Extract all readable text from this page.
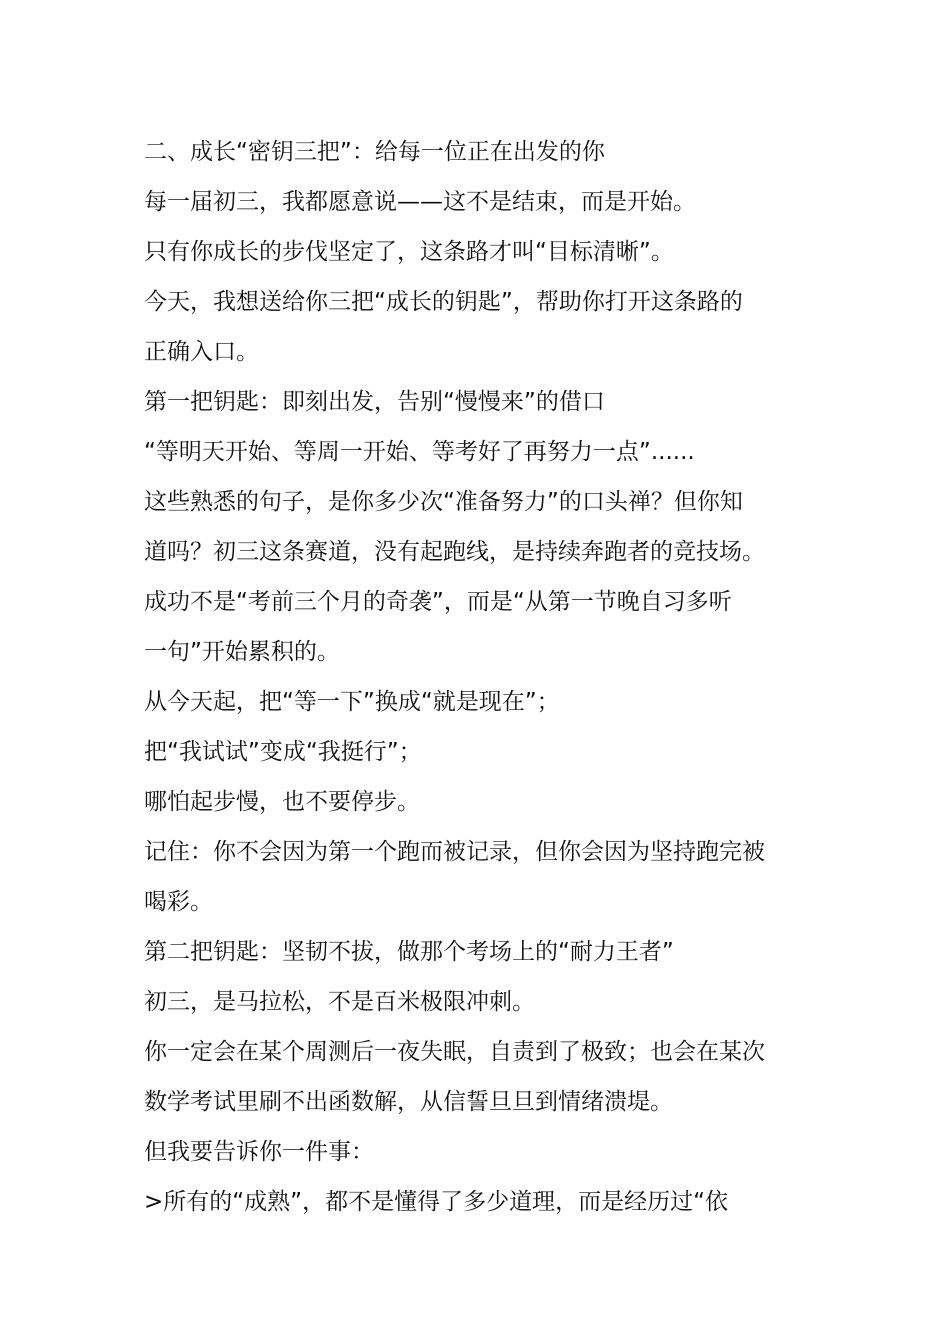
二、成长“密钥三把”：给每一位正在出发的你
每一届初三，我都愿意说——这不是结束，而是开始。
只有你成长的步伐坚定了，这条路才叫“目标清晰”。
今天，我想送给你三把“成长的钥匙”，帮助你打开这条路的
正确入口。
第一把钥匙：即刻出发，告别“慢慢来”的借口
“等明天开始、等周一开始、等考好了再努力一点”......
这些熟悉的句子，是你多少次“准备努力”的口头禅？但你知
道吗？初三这条赛道，没有起跑线，是持续奔跑者的竞技场。
成功不是“考前三个月的奇袭”，而是“从第一节晚自习多听
一句”开始累积的。
从今天起，把“等一下”换成“就是现在”；
把“我试试”变成“我挺行”；
哪怕起步慢，也不要停步。
记住：你不会因为第一个跑而被记录，但你会因为坚持跑完被
喝彩。
第二把钥匙：坚韧不拔，做那个考场上的“耐力王者”
初三，是马拉松，不是百米极限冲刺。
你一定会在某个周测后一夜失眠，自责到了极致；也会在某次
数学考试里刷不出函数解，从信誓旦旦到情绪溃堤。
但我要告诉你一件事：
>所有的“成熟”，都不是懂得了多少道理，而是经历过“依
